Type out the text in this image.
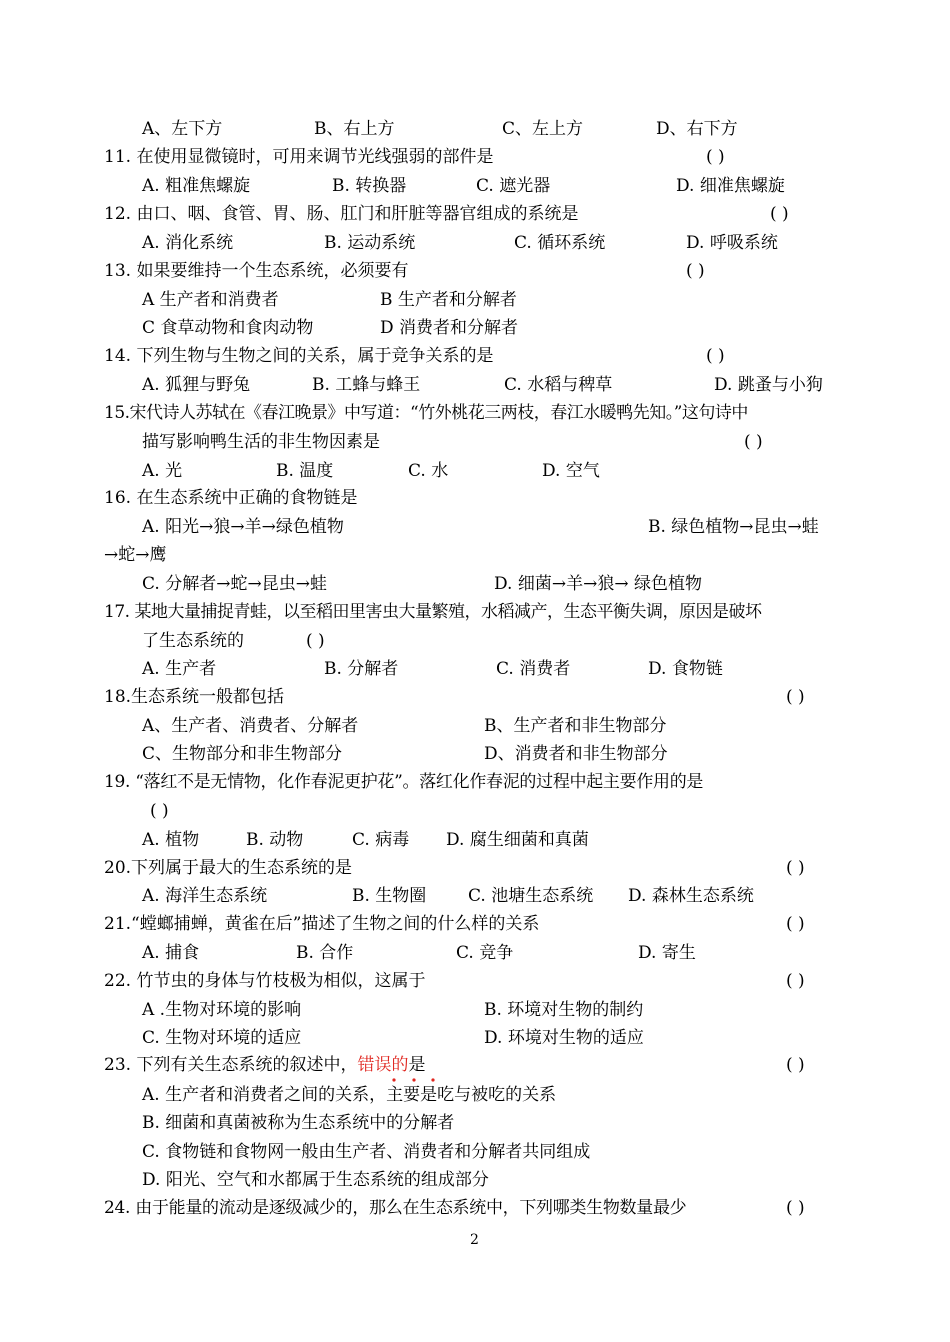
A、左下方	B、右上方	C、左上方	D、右下方
11. 在使用显微镜时，可用来调节光线强弱的部件是	( )
A. 粗准焦螺旋	B. 转换器	C. 遮光器	D. 细准焦螺旋
12. 由口、咽、食管、胃、肠、肛门和肝脏等器官组成的系统是	( )
A. 消化系统	B. 运动系统	C. 循环系统	D. 呼吸系统
13. 如果要维持一个生态系统，必须要有	( )
A 生产者和消费者	B 生产者和分解者
C 食草动物和食肉动物	D 消费者和分解者
14. 下列生物与生物之间的关系，属于竞争关系的是	( )
A. 狐狸与野兔	B. 工蜂与蜂王	C. 水稻与稗草	D. 跳蚤与小狗
15.宋代诗人苏轼在《春江晚景》中写道：“竹外桃花三两枝，春江水暖鸭先知。”这句诗中
描写影响鸭生活的非生物因素是	( )
A. 光	B. 温度	C. 水	D. 空气
16. 在生态系统中正确的食物链是
A. 阳光→狼→羊→绿色植物	B. 绿色植物→昆虫→蛙
→蛇→鹰
C. 分解者→蛇→昆虫→蛙	D. 细菌→羊→狼→ 绿色植物
17. 某地大量捕捉青蛙，以至稻田里害虫大量繁殖，水稻减产，生态平衡失调，原因是破坏
了生态系统的	( )
A. 生产者	B. 分解者	C. 消费者	D. 食物链
18.生态系统一般都包括	( )
A、生产者、消费者、分解者	B、生产者和非生物部分
C、生物部分和非生物部分	D、消费者和非生物部分
19. “落红不是无情物，化作春泥更护花”。落红化作春泥的过程中起主要作用的是
( )
A. 植物	B. 动物	C. 病毒 D. 腐生细菌和真菌
20.下列属于最大的生态系统的是	( )
A. 海洋生态系统	B. 生物圈 C. 池塘生态系统 D. 森林生态系统
21.“螳螂捕蝉，黄雀在后”描述了生物之间的什么样的关系	( )
A. 捕食	B. 合作	C. 竞争	D. 寄生
22. 竹节虫的身体与竹枝极为相似，这属于	( )
A .生物对环境的影响	B. 环境对生物的制约
C. 生物对环境的适应	D. 环境对生物的适应
23. 下列有关生态系统的叙述中，错误的是	( )
A. 生产者和消费者之间的关系，主要是吃与被吃的关系
B. 细菌和真菌被称为生态系统中的分解者
C. 食物链和食物网一般由生产者、消费者和分解者共同组成
D. 阳光、空气和水都属于生态系统的组成部分
24. 由于能量的流动是逐级减少的，那么在生态系统中，下列哪类生物数量最少	( )
2
